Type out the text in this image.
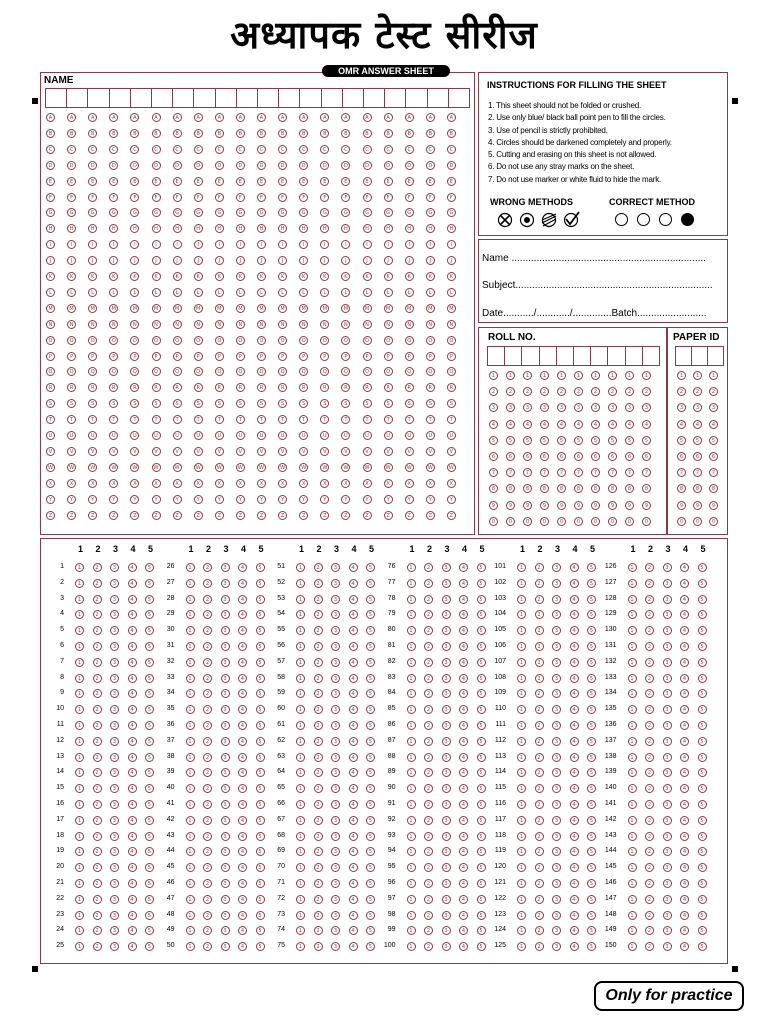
अध्यापक टेस्ट सीरीज
NAME
OMR ANSWER SHEET
A	A	A	A	A	A	A	A	A	A	A	A	A	A	A	A	A	A	A	A
B	B	B	B	B	B	B	B	B	B	B	B	B	B	B	B	B	B	B	B
C	C	C	C	C	C	C	C	C	C	C	C	C	C	C	C	C	C	C	C
D	D	D	D	D	D	D	D	D	D	D	D	D	D	D	D	D	D	D	D
E	E	E	E	E	E	E	E	E	E	E	E	E	E	E	E	E	E	E	E
F	F	F	F	F	F	F	F	F	F	F	F	F	F	F	F	F	F	F	F
G	G	G	G	G	G	G	G	G	G	G	G	G	G	G	G	G	G	G	G
H	H	H	H	H	H	H	H	H	H	H	H	H	H	H	H	H	H	H	H
I	I	I	I	I	I	I	I	I	I	I	I	I	I	I	I	I	I	I	I
J	J	J	J	J	J	J	J	J	J	J	J	J	J	J	J	J	J	J	J
K	K	K	K	K	K	K	K	K	K	K	K	K	K	K	K	K	K	K	K
L	L	L	L	L	L	L	L	L	L	L	L	L	L	L	L	L	L	L	L
M	M	M	M	M	M	M	M	M	M	M	M	M	M	M	M	M	M	M	M
N	N	N	N	N	N	N	N	N	N	N	N	N	N	N	N	N	N	N	N
O	O	O	O	O	O	O	O	O	O	O	O	O	O	O	O	O	O	O	O
P	P	P	P	P	P	P	P	P	P	P	P	P	P	P	P	P	P	P	P
Q	Q	Q	Q	Q	Q	Q	Q	Q	Q	Q	Q	Q	Q	Q	Q	Q	Q	Q	Q
R	R	R	R	R	R	R	R	R	R	R	R	R	R	R	R	R	R	R	R
S	S	S	S	S	S	S	S	S	S	S	S	S	S	S	S	S	S	S	S
T	T	T	T	T	T	T	T	T	T	T	T	T	T	T	T	T	T	T	T
U	U	U	U	U	U	U	U	U	U	U	U	U	U	U	U	U	U	U	U
V	V	V	V	V	V	V	V	V	V	V	V	V	V	V	V	V	V	V	V
W	W	W	W	W	W	W	W	W	W	W	W	W	W	W	W	W	W	W	W
X	X	X	X	X	X	X	X	X	X	X	X	X	X	X	X	X	X	X	X
Y	Y	Y	Y	Y	Y	Y	Y	Y	Y	Y	Y	Y	Y	Y	Y	Y	Y	Y	Y
Z	Z	Z	Z	Z	Z	Z	Z	Z	Z	Z	Z	Z	Z	Z	Z	Z	Z	Z	Z
INSTRUCTIONS FOR FILLING THE SHEET
1. This sheet should not be folded or crushed.
2. Use only blue/ black ball point pen to fill the circles.
3. Use of pencil is strictly prohibited.
4. Circles should be darkened completely and properly.
5. Cutting and erasing on this sheet is not allowed.
6. Do not use any stray marks on the sheet.
7. Do not use marker or white fluid to hide the mark.
WRONG METHODS	CORRECT METHOD
Name ......................................................................
Subject.......................................................................
Date.........../............/..............Batch.........................
ROLL NO.
1	1	1	1	1	1	1	1	1	1
2	2	2	2	2	2	2	2	2	2
3	3	3	3	3	3	3	3	3	3
4	4	4	4	4	4	4	4	4	4
5	5	5	5	5	5	5	5	5	5
6	6	6	6	6	6	6	6	6	6
7	7	7	7	7	7	7	7	7	7
8	8	8	8	8	8	8	8	8	8
9	9	9	9	9	9	9	9	9	9
0	0	0	0	0	0	0	0	0	0
PAPER ID
1	1	1
2	2	2
3	3	3
4	4	4
5	5	5
6	6	6
7	7	7
8	8	8
9	9	9
0	0	0
1 2 3 4 5
1	1	2	3	4	5
2	1	2	3	4	5
3	1	2	3	4	5
4	1	2	3	4	5
5	1	2	3	4	5
6	1	2	3	4	5
7	1	2	3	4	5
8	1	2	3	4	5
9	1	2	3	4	5
10	1	2	3	4	5
11	1	2	3	4	5
12	1	2	3	4	5
13	1	2	3	4	5
14	1	2	3	4	5
15	1	2	3	4	5
16	1	2	3	4	5
17	1	2	3	4	5
18	1	2	3	4	5
19	1	2	3	4	5
20	1	2	3	4	5
21	1	2	3	4	5
22	1	2	3	4	5
23	1	2	3	4	5
24	1	2	3	4	5
25	1	2	3	4	5
1 2 3 4 5
26	1	2	3	4	5
27	1	2	3	4	5
28	1	2	3	4	5
29	1	2	3	4	5
30	1	2	3	4	5
31	1	2	3	4	5
32	1	2	3	4	5
33	1	2	3	4	5
34	1	2	3	4	5
35	1	2	3	4	5
36	1	2	3	4	5
37	1	2	3	4	5
38	1	2	3	4	5
39	1	2	3	4	5
40	1	2	3	4	5
41	1	2	3	4	5
42	1	2	3	4	5
43	1	2	3	4	5
44	1	2	3	4	5
45	1	2	3	4	5
46	1	2	3	4	5
47	1	2	3	4	5
48	1	2	3	4	5
49	1	2	3	4	5
50	1	2	3	4	5
1 2 3 4 5
51	1	2	3	4	5
52	1	2	3	4	5
53	1	2	3	4	5
54	1	2	3	4	5
55	1	2	3	4	5
56	1	2	3	4	5
57	1	2	3	4	5
58	1	2	3	4	5
59	1	2	3	4	5
60	1	2	3	4	5
61	1	2	3	4	5
62	1	2	3	4	5
63	1	2	3	4	5
64	1	2	3	4	5
65	1	2	3	4	5
66	1	2	3	4	5
67	1	2	3	4	5
68	1	2	3	4	5
69	1	2	3	4	5
70	1	2	3	4	5
71	1	2	3	4	5
72	1	2	3	4	5
73	1	2	3	4	5
74	1	2	3	4	5
75	1	2	3	4	5
1 2 3 4 5
76	1	2	3	4	5
77	1	2	3	4	5
78	1	2	3	4	5
79	1	2	3	4	5
80	1	2	3	4	5
81	1	2	3	4	5
82	1	2	3	4	5
83	1	2	3	4	5
84	1	2	3	4	5
85	1	2	3	4	5
86	1	2	3	4	5
87	1	2	3	4	5
88	1	2	3	4	5
89	1	2	3	4	5
90	1	2	3	4	5
91	1	2	3	4	5
92	1	2	3	4	5
93	1	2	3	4	5
94	1	2	3	4	5
95	1	2	3	4	5
96	1	2	3	4	5
97	1	2	3	4	5
98	1	2	3	4	5
99	1	2	3	4	5
100	1	2	3	4	5
1 2 3 4 5
101	1	2	3	4	5
102	1	2	3	4	5
103	1	2	3	4	5
104	1	2	3	4	5
105	1	2	3	4	5
106	1	2	3	4	5
107	1	2	3	4	5
108	1	2	3	4	5
109	1	2	3	4	5
110	1	2	3	4	5
111	1	2	3	4	5
112	1	2	3	4	5
113	1	2	3	4	5
114	1	2	3	4	5
115	1	2	3	4	5
116	1	2	3	4	5
117	1	2	3	4	5
118	1	2	3	4	5
119	1	2	3	4	5
120	1	2	3	4	5
121	1	2	3	4	5
122	1	2	3	4	5
123	1	2	3	4	5
124	1	2	3	4	5
125	1	2	3	4	5
1 2 3 4 5
126	1	2	3	4	5
127	1	2	3	4	5
128	1	2	3	4	5
129	1	2	3	4	5
130	1	2	3	4	5
131	1	2	3	4	5
132	1	2	3	4	5
133	1	2	3	4	5
134	1	2	3	4	5
135	1	2	3	4	5
136	1	2	3	4	5
137	1	2	3	4	5
138	1	2	3	4	5
139	1	2	3	4	5
140	1	2	3	4	5
141	1	2	3	4	5
142	1	2	3	4	5
143	1	2	3	4	5
144	1	2	3	4	5
145	1	2	3	4	5
146	1	2	3	4	5
147	1	2	3	4	5
148	1	2	3	4	5
149	1	2	3	4	5
150	1	2	3	4	5
Only for practice
